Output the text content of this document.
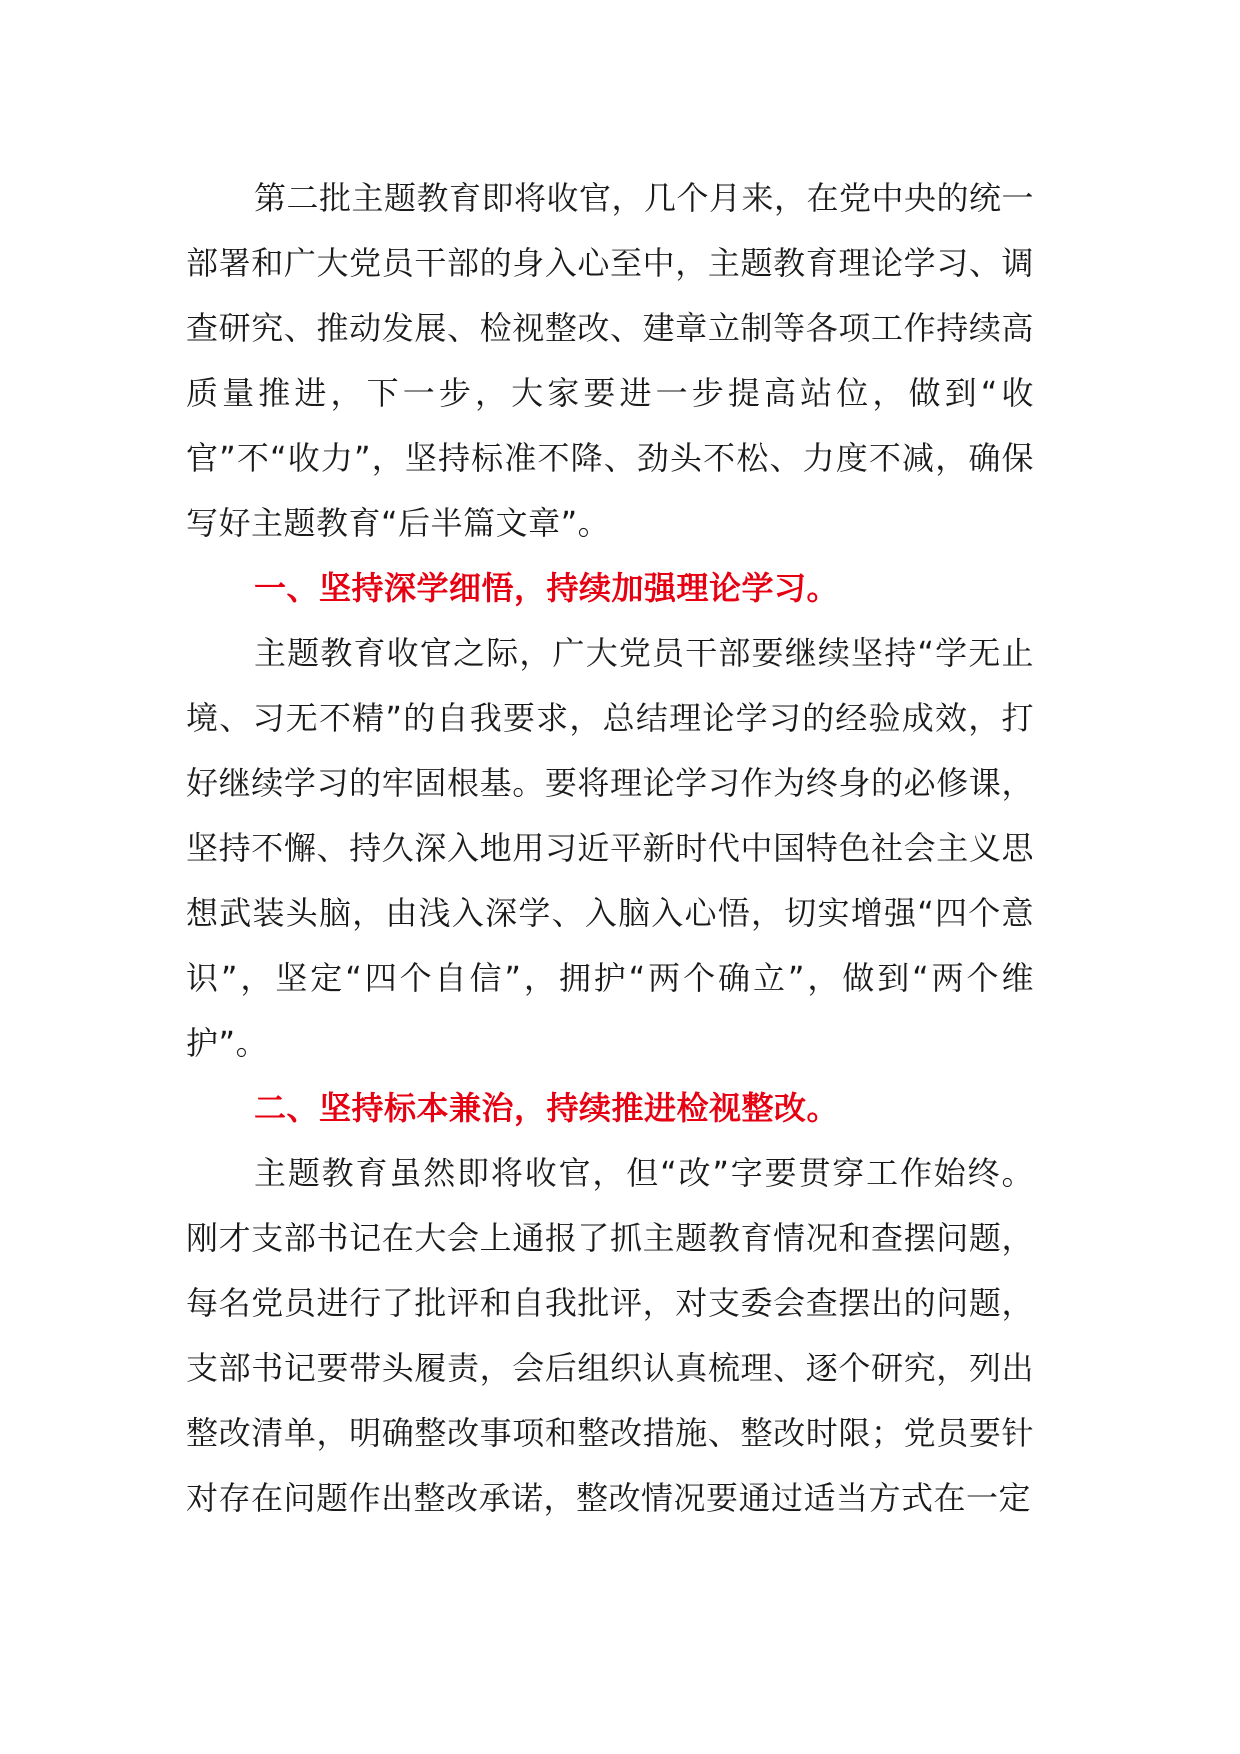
第二批主题教育即将收官，几个月来，在党中央的统一部署和广大党员干部的身入心至中，主题教育理论学习、调查研究、推动发展、检视整改、建章立制等各项工作持续高质量推进，下一步，大家要进一步提高站位，做到“收官”不“收力”，坚持标准不降、劲头不松、力度不减，确保写好主题教育“后半篇文章”。

一、坚持深学细悟，持续加强理论学习。

主题教育收官之际，广大党员干部要继续坚持“学无止境、习无不精”的自我要求，总结理论学习的经验成效，打好继续学习的牢固根基。要将理论学习作为终身的必修课，坚持不懈、持久深入地用习近平新时代中国特色社会主义思想武装头脑，由浅入深学、入脑入心悟，切实增强“四个意识”，坚定“四个自信”，拥护“两个确立”，做到“两个维护”。

二、坚持标本兼治，持续推进检视整改。

主题教育虽然即将收官，但“改”字要贯穿工作始终。刚才支部书记在大会上通报了抓主题教育情况和查摆问题，每名党员进行了批评和自我批评，对支委会查摆出的问题，支部书记要带头履责，会后组织认真梳理、逐个研究，列出整改清单，明确整改事项和整改措施、整改时限；党员要针对存在问题作出整改承诺，整改情况要通过适当方式在一定
